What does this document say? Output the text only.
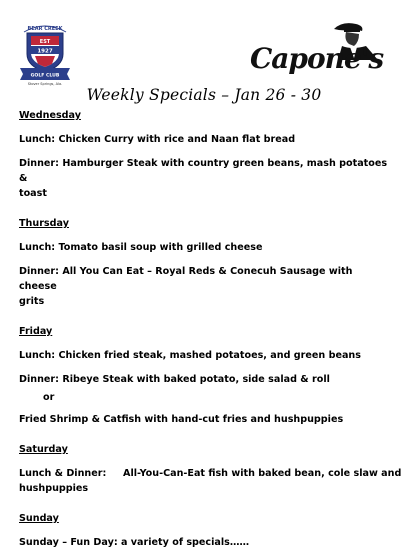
BEAR CREEK
EST
1927
GOLF CLUB
Stover Springs, Ala.
Capone's
Weekly Specials – Jan 26 - 30

Wednesday

Lunch: Chicken Curry with rice and Naan flat bread

Dinner: Hamburger Steak with country green beans, mash potatoes &

toast

Thursday

Lunch: Tomato basil soup with grilled cheese

Dinner: All You Can Eat – Royal Reds & Conecuh Sausage with cheese

grits

Friday

Lunch: Chicken fried steak, mashed potatoes, and green beans

Dinner: Ribeye Steak with baked potato, side salad & roll

or

Fried Shrimp & Catfish with hand-cut fries and hushpuppies

Saturday

Lunch & Dinner:     All-You-Can-Eat fish with baked bean, cole slaw and

hushpuppies

Sunday

Sunday – Fun Day: a variety of specials……
